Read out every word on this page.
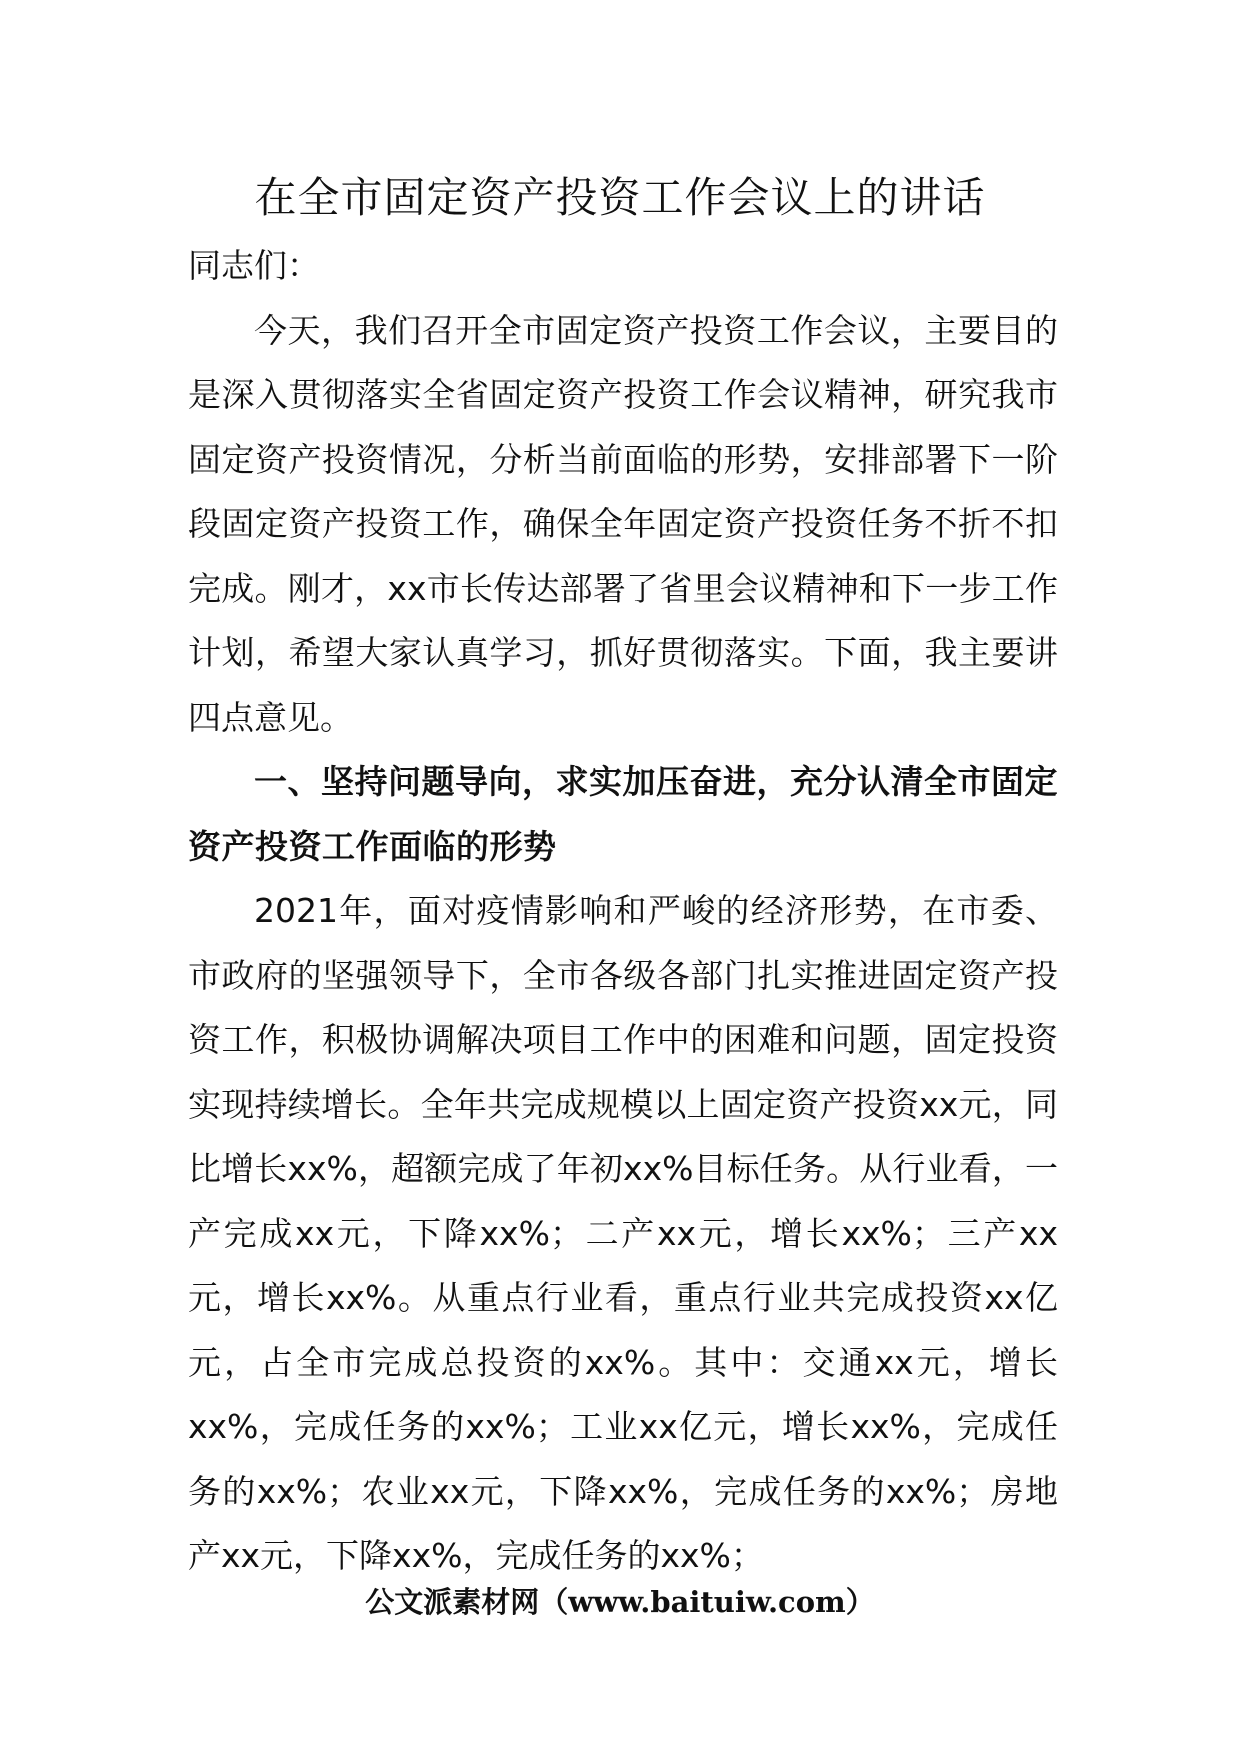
在全市固定资产投资工作会议上的讲话

同志们：

今天，我们召开全市固定资产投资工作会议，主要目的是深入贯彻落实全省固定资产投资工作会议精神，研究我市固定资产投资情况，分析当前面临的形势，安排部署下一阶段固定资产投资工作，确保全年固定资产投资任务不折不扣完成。刚才，xx市长传达部署了省里会议精神和下一步工作计划，希望大家认真学习，抓好贯彻落实。下面，我主要讲四点意见。

一、坚持问题导向，求实加压奋进，充分认清全市固定资产投资工作面临的形势

2021年，面对疫情影响和严峻的经济形势，在市委、市政府的坚强领导下，全市各级各部门扎实推进固定资产投资工作，积极协调解决项目工作中的困难和问题，固定投资实现持续增长。全年共完成规模以上固定资产投资xx元，同比增长xx%，超额完成了年初xx%目标任务。从行业看，一产完成xx元，下降xx%；二产xx元，增长xx%；三产xx元，增长xx%。从重点行业看，重点行业共完成投资xx亿元，占全市完成总投资的xx%。其中：交通xx元，增长xx%，完成任务的xx%；工业xx亿元，增长xx%，完成任务的xx%；农业xx元，下降xx%，完成任务的xx%；房地产xx元，下降xx%，完成任务的xx%；

公文派素材网（www.baituiw.com）
